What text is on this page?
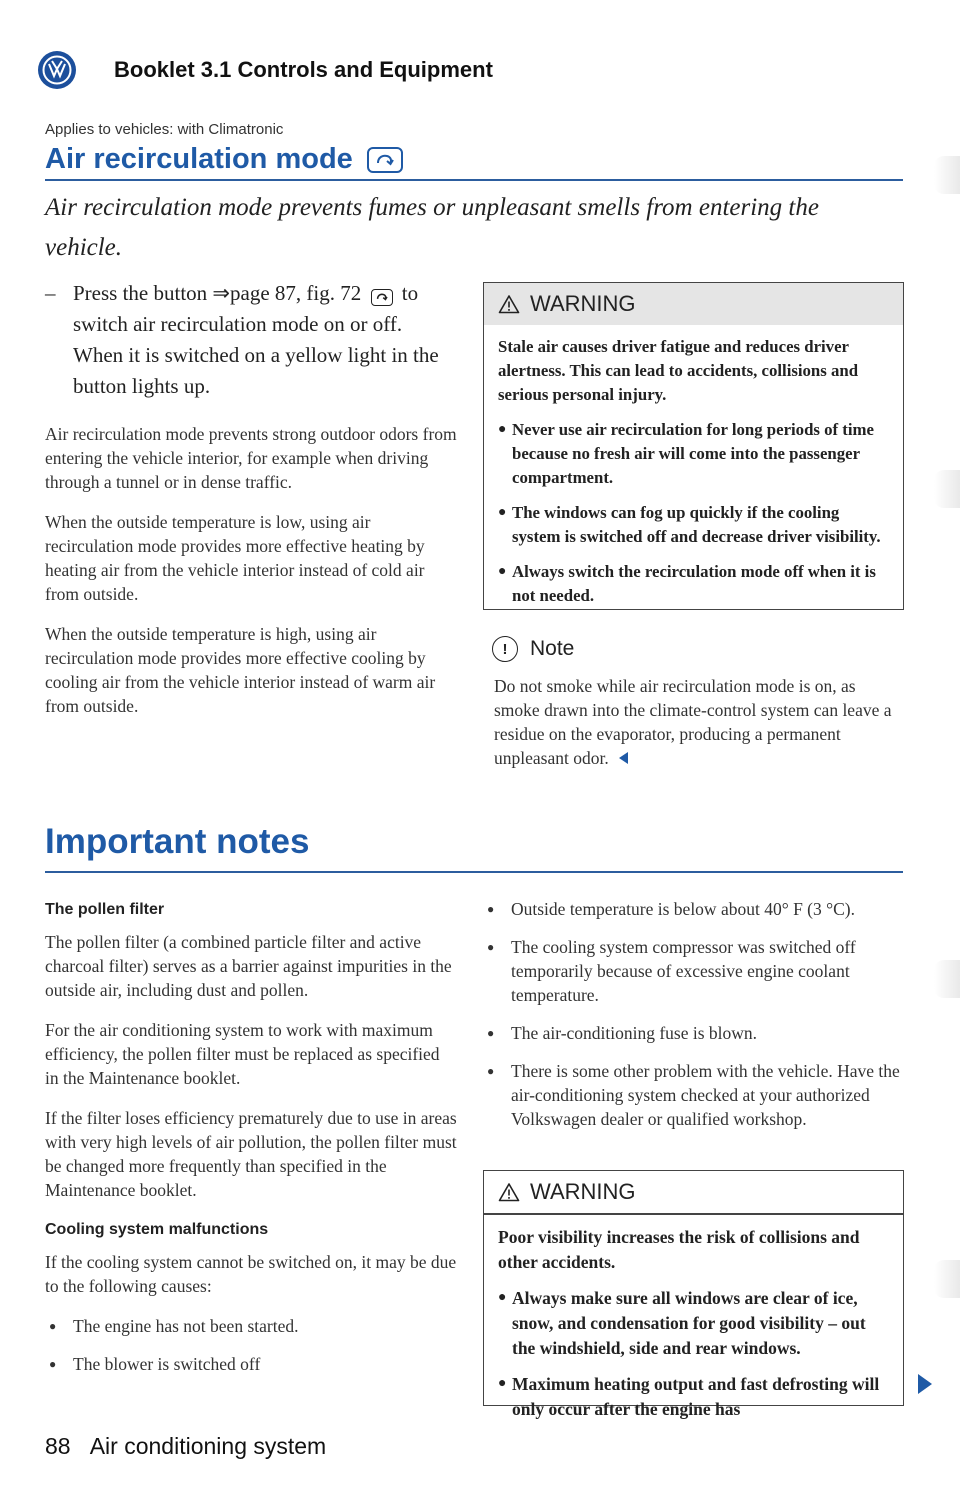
Booklet 3.1 Controls and Equipment
Applies to vehicles: with Climatronic
Air recirculation mode
Air recirculation mode prevents fumes or unpleasant smells from entering the vehicle.
– Press the button ⇒page 87, fig. 72
to switch air recirculation mode on or off. When it is switched on a yellow light in the button lights up.

Air recirculation mode prevents strong outdoor odors from entering the vehicle interior, for example when driving through a tunnel or in dense traffic.

When the outside temperature is low, using air recirculation mode provides more effective heating by heating air from the vehicle interior instead of cold air from outside.

When the outside temperature is high, using air recirculation mode provides more effective cooling by cooling air from the vehicle interior instead of warm air from outside.

WARNING
Stale air causes driver fatigue and reduces driver alertness. This can lead to accidents, collisions and serious personal injury.
● Never use air recirculation for long periods of time because no fresh air will come into the passenger compartment.
● The windows can fog up quickly if the cooling system is switched off and decrease driver visibility.
● Always switch the recirculation mode off when it is not needed.
!	Note
Do not smoke while air recirculation mode is on, as smoke drawn into the climate-control system can leave a residue on the evaporator, producing a permanent unpleasant odor.
Important notes
The pollen filter

The pollen filter (a combined particle filter and active charcoal filter) serves as a barrier against impurities in the outside air, including dust and pollen.

For the air conditioning system to work with maximum efficiency, the pollen filter must be replaced as specified in the Maintenance booklet.

If the filter loses efficiency prematurely due to use in areas with very high levels of air pollution, the pollen filter must be changed more frequently than specified in the Maintenance booklet.

Cooling system malfunctions

If the cooling system cannot be switched on, it may be due to the following causes:

● The engine has not been started.
● The blower is switched off
● Outside temperature is below about 40° F (3 °C).
● The cooling system compressor was switched off temporarily because of excessive engine coolant temperature.
● The air-conditioning fuse is blown.
● There is some other problem with the vehicle. Have the air-conditioning system checked at your authorized Volkswagen dealer or qualified workshop.
WARNING
Poor visibility increases the risk of collisions and other accidents.
● Always make sure all windows are clear of ice, snow, and condensation for good visibility – out the windshield, side and rear windows.
● Maximum heating output and fast defrosting will only occur after the engine has
88 Air conditioning system
